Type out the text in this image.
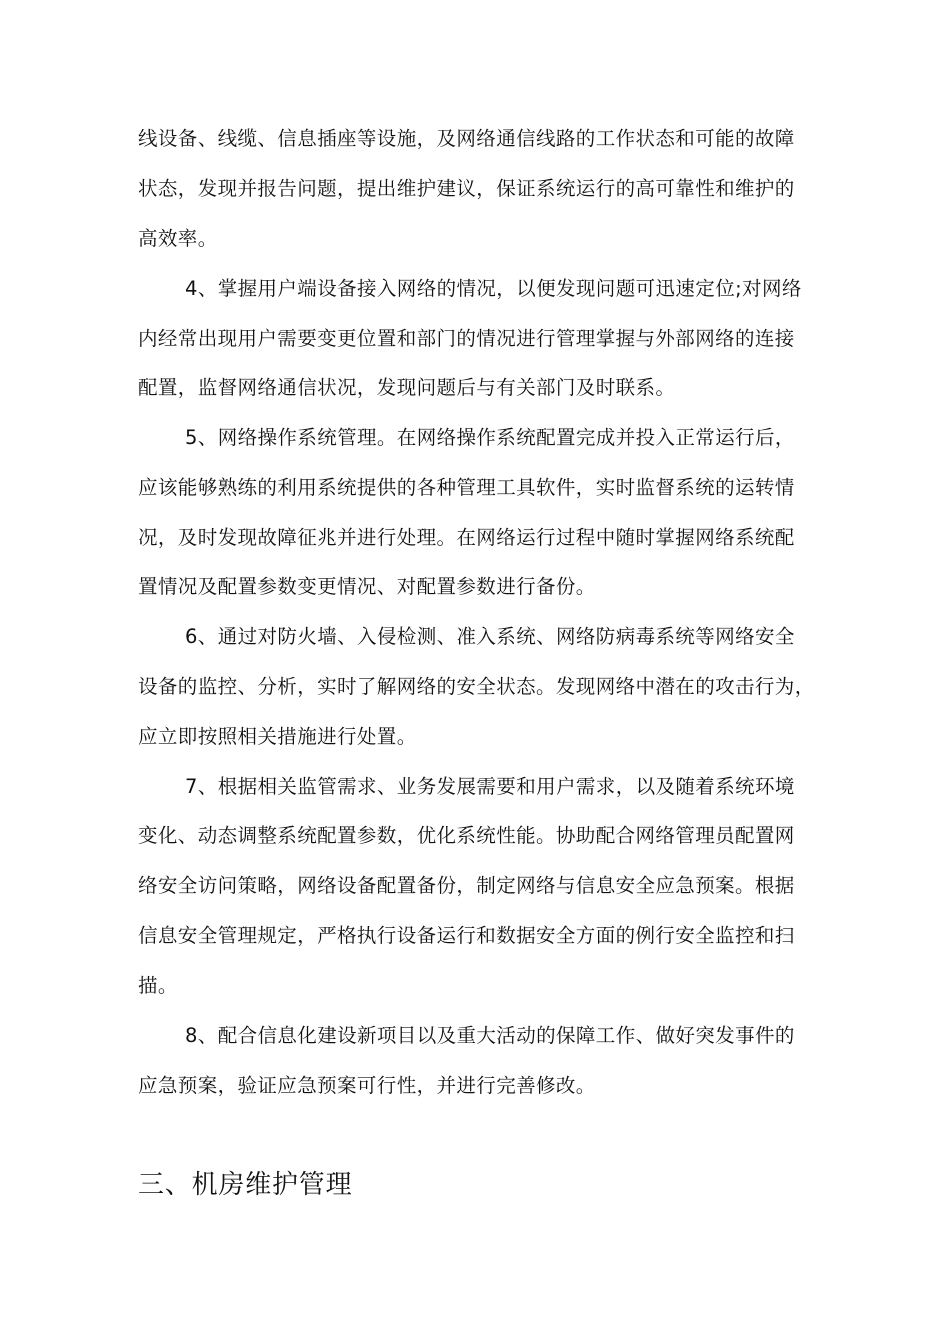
线设备、线缆、信息插座等设施，及网络通信线路的工作状态和可能的故障
状态，发现并报告问题，提出维护建议，保证系统运行的高可靠性和维护的
高效率。
4、掌握用户端设备接入网络的情况，以便发现问题可迅速定位;对网络
内经常出现用户需要变更位置和部门的情况进行管理掌握与外部网络的连接
配置，监督网络通信状况，发现问题后与有关部门及时联系。
5、网络操作系统管理。在网络操作系统配置完成并投入正常运行后，
应该能够熟练的利用系统提供的各种管理工具软件，实时监督系统的运转情
况，及时发现故障征兆并进行处理。在网络运行过程中随时掌握网络系统配
置情况及配置参数变更情况、对配置参数进行备份。
6、通过对防火墙、入侵检测、准入系统、网络防病毒系统等网络安全
设备的监控、分析，实时了解网络的安全状态。发现网络中潜在的攻击行为，
应立即按照相关措施进行处置。
7、根据相关监管需求、业务发展需要和用户需求，以及随着系统环境
变化、动态调整系统配置参数，优化系统性能。协助配合网络管理员配置网
络安全访问策略，网络设备配置备份，制定网络与信息安全应急预案。根据
信息安全管理规定，严格执行设备运行和数据安全方面的例行安全监控和扫
描。
8、配合信息化建设新项目以及重大活动的保障工作、做好突发事件的
应急预案，验证应急预案可行性，并进行完善修改。
三、机房维护管理
